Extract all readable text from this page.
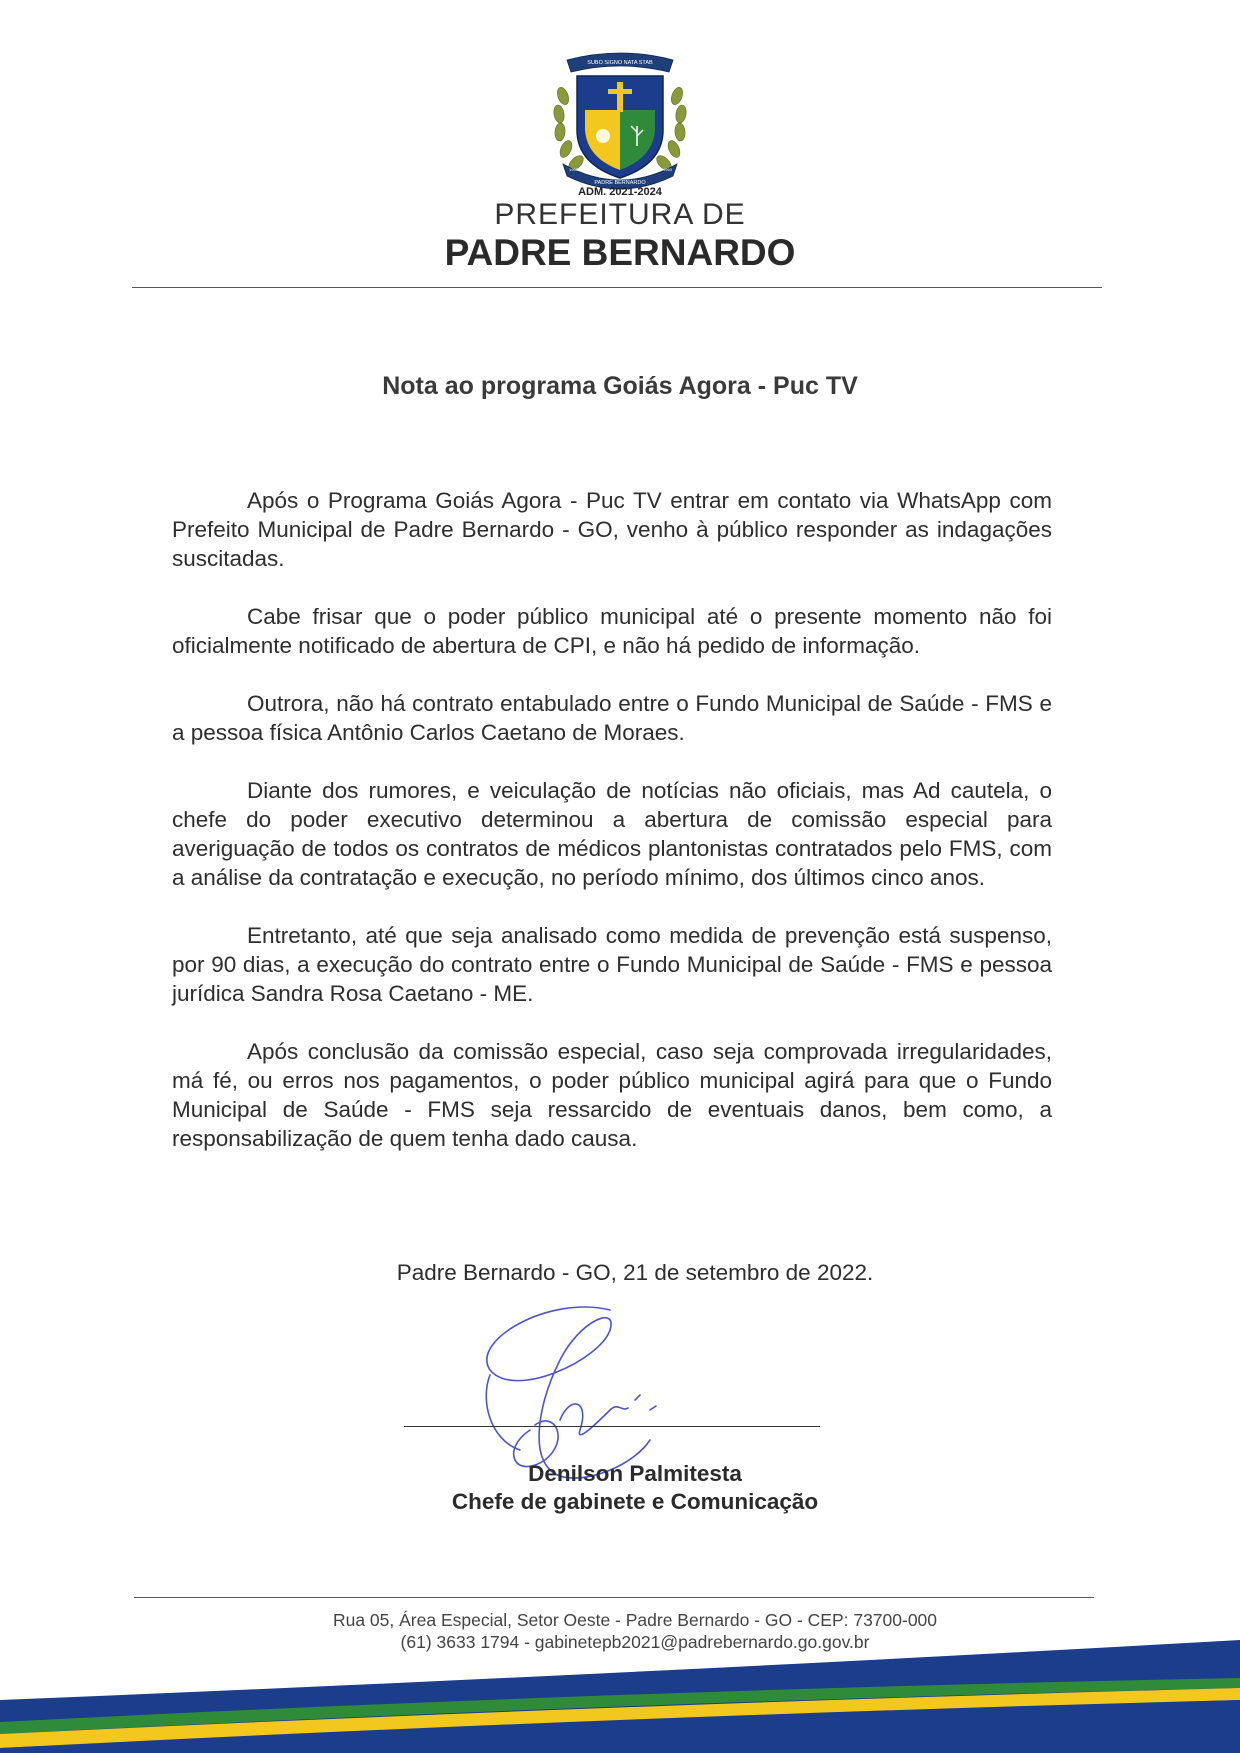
SUBO SIGNO NATA STAB
PADRE BERNARDO
1963	1963
ADM. 2021-2024
PREFEITURA DE
PADRE BERNARDO
Nota ao programa Goiás Agora - Puc TV

Após o Programa Goiás Agora - Puc TV entrar em contato via WhatsApp com Prefeito Municipal de Padre Bernardo - GO, venho à público responder as indagações suscitadas.

Cabe frisar que o poder público municipal até o presente momento não foi oficialmente notificado de abertura de CPI, e não há pedido de informação.

Outrora, não há contrato entabulado entre o Fundo Municipal de Saúde - FMS e a pessoa física Antônio Carlos Caetano de Moraes.

Diante dos rumores, e veiculação de notícias não oficiais, mas Ad cautela, o chefe do poder executivo determinou a abertura de comissão especial para averiguação de todos os contratos de médicos plantonistas contratados pelo FMS, com a análise da contratação e execução, no período mínimo, dos últimos cinco anos.

Entretanto, até que seja analisado como medida de prevenção está suspenso, por 90 dias, a execução do contrato entre o Fundo Municipal de Saúde - FMS e pessoa jurídica Sandra Rosa Caetano - ME.

Após conclusão da comissão especial, caso seja comprovada irregularidades, má fé, ou erros nos pagamentos, o poder público municipal agirá para que o Fundo Municipal de Saúde - FMS seja ressarcido de eventuais danos, bem como, a responsabilização de quem tenha dado causa.

Padre Bernardo - GO, 21 de setembro de 2022.
Denilson Palmitesta
Chefe de gabinete e Comunicação
Rua 05, Área Especial, Setor Oeste - Padre Bernardo - GO - CEP: 73700-000
(61) 3633 1794 - gabinetepb2021@padrebernardo.go.gov.br
